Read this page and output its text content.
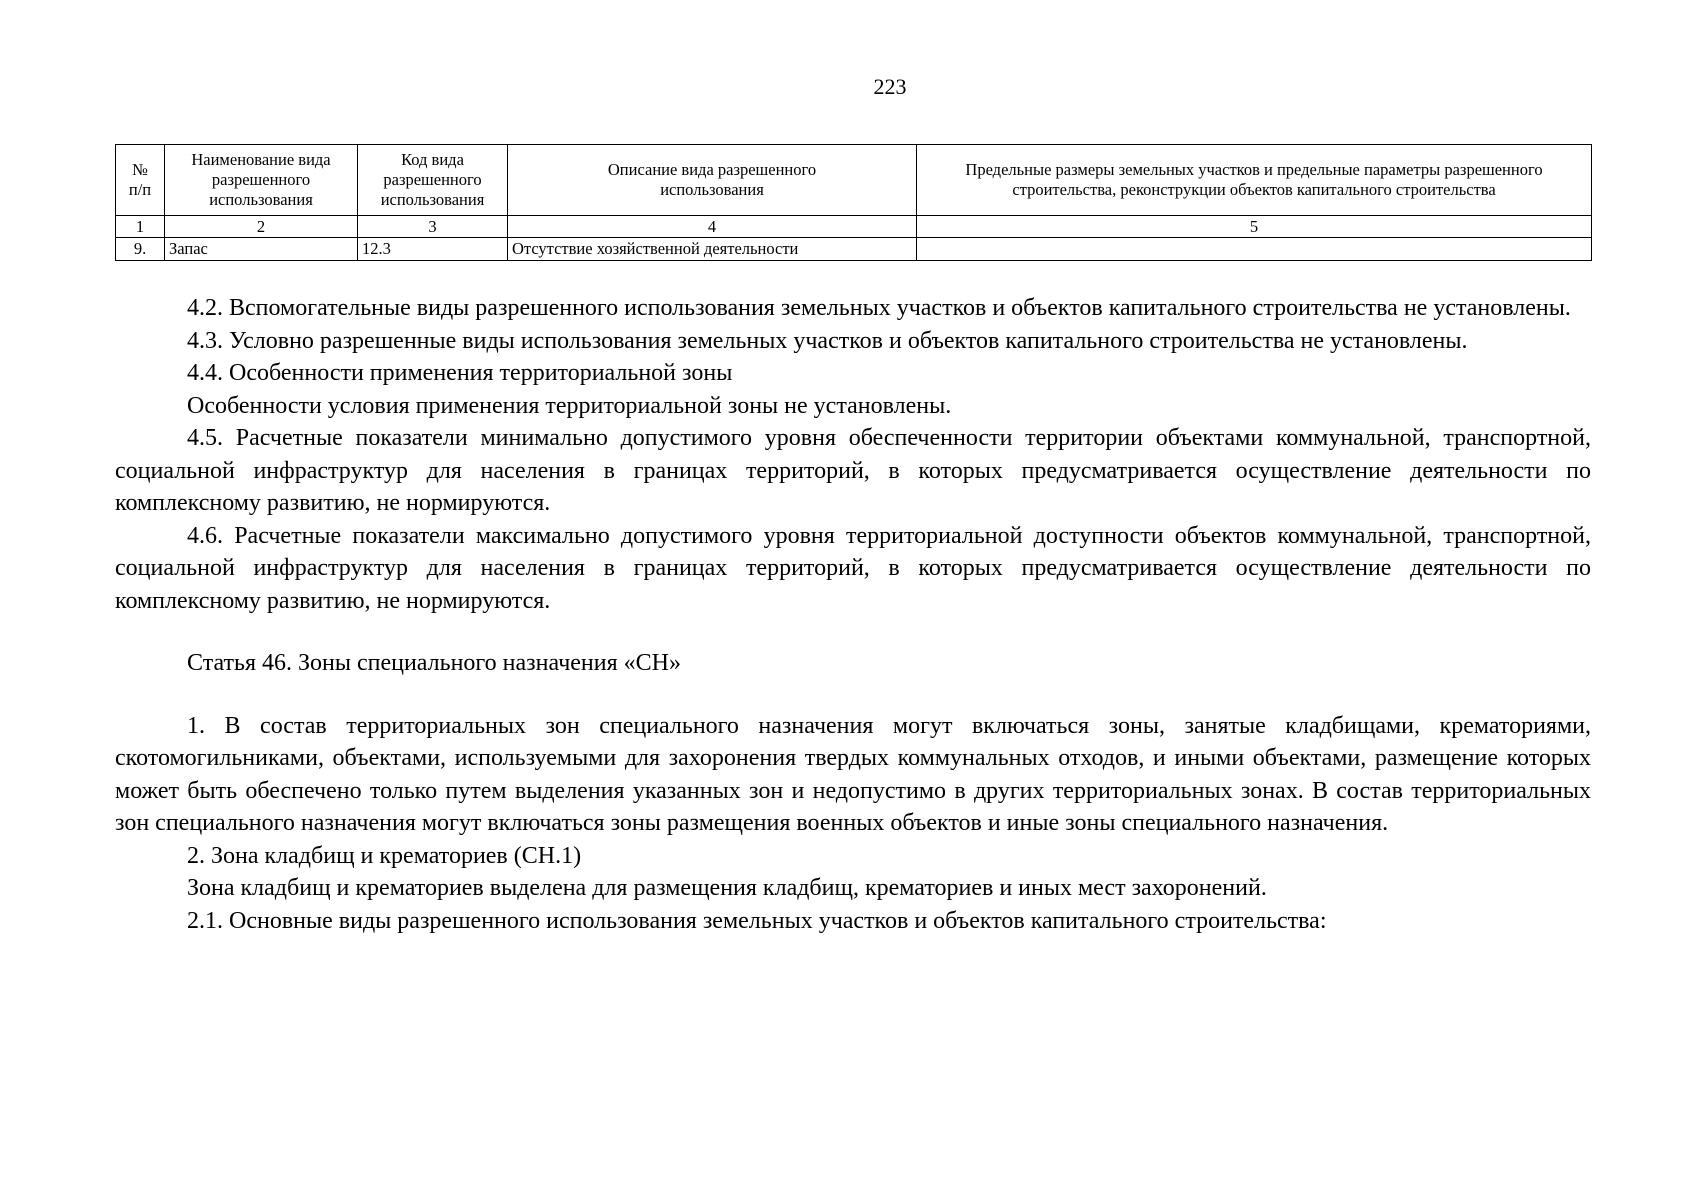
223
№
п/п	Наименование вида разрешенного использования	Код вида разрешенного использования	Описание вида разрешенного использования	Предельные размеры земельных участков и предельные параметры разрешенного строительства, реконструкции объектов капитального строительства
1	2	3	4	5
9.	Запас	12.3	Отсутствие хозяйственной деятельности	

4.2. Вспомогательные виды разрешенного использования земельных участков и объектов капитального строительства не установлены.

4.3. Условно разрешенные виды использования земельных участков и объектов капитального строительства не установлены.

4.4. Особенности применения территориальной зоны

Особенности условия применения территориальной зоны не установлены.

4.5. Расчетные показатели минимально допустимого уровня обеспеченности территории объектами коммунальной, транспортной, социальной инфраструктур для населения в границах территорий, в которых предусматривается осуществление деятельности по комплексному развитию, не нормируются.

4.6. Расчетные показатели максимально допустимого уровня территориальной доступности объектов коммунальной, транспортной, социальной инфраструктур для населения в границах территорий, в которых предусматривается осуществление деятельности по комплексному развитию, не нормируются.

Статья 46. Зоны специального назначения «СН»

1. В состав территориальных зон специального назначения могут включаться зоны, занятые кладбищами, крематориями, скотомогильниками, объектами, используемыми для захоронения твердых коммунальных отходов, и иными объектами, размещение которых может быть обеспечено только путем выделения указанных зон и недопустимо в других территориальных зонах. В состав территориальных зон специального назначения могут включаться зоны размещения военных объектов и иные зоны специального назначения.

2. Зона кладбищ и крематориев (СН.1)

Зона кладбищ и крематориев выделена для размещения кладбищ, крематориев и иных мест захоронений.

2.1. Основные виды разрешенного использования земельных участков и объектов капитального строительства:
